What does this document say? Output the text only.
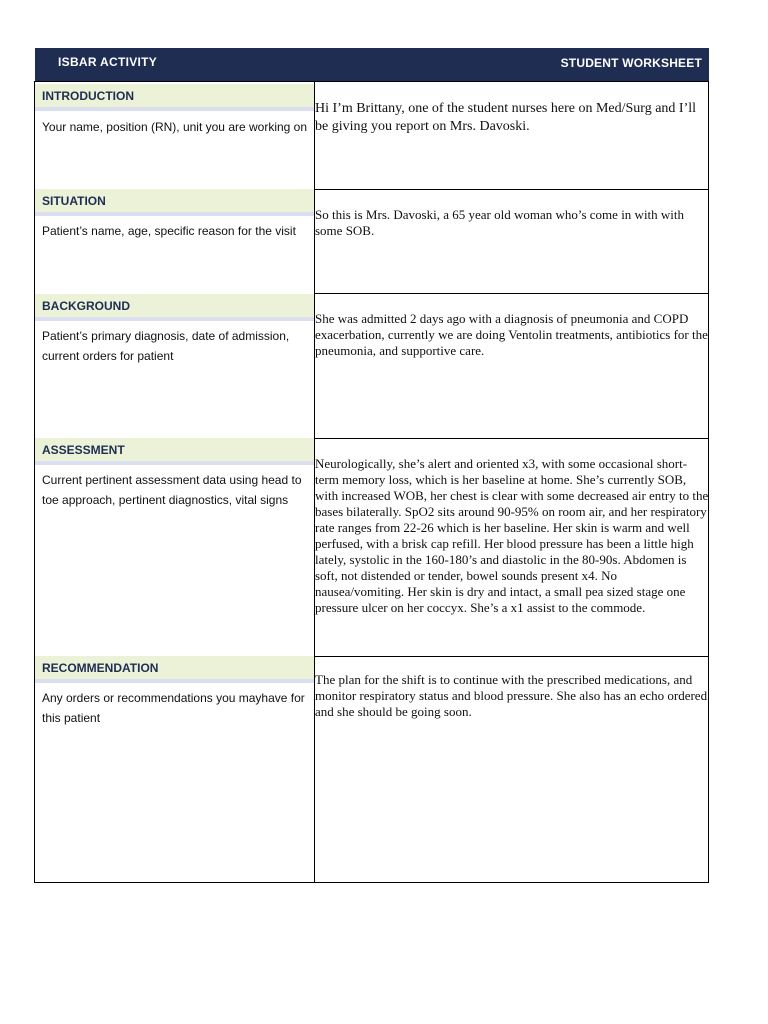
ISBAR ACTIVITY	STUDENT WORKSHEET
INTRODUCTION
Your name, position (RN), unit you are working on
Hi I’m Brittany, one of the student nurses here on Med/Surg and I’ll be giving you report on Mrs. Davoski.
SITUATION
Patient’s name, age, specific reason for the visit
So this is Mrs. Davoski, a 65 year old woman who’s come in with with some SOB.
BACKGROUND
Patient’s primary diagnosis, date of admission, current orders for patient
She was admitted 2 days ago with a diagnosis of pneumonia and COPD exacerbation, currently we are doing Ventolin treatments, antibiotics for the pneumonia, and supportive care.
ASSESSMENT
Current pertinent assessment data using head to toe approach, pertinent diagnostics, vital signs
Neurologically, she’s alert and oriented x3, with some occasional short-term memory loss, which is her baseline at home. She’s currently SOB, with increased WOB, her chest is clear with some decreased air entry to the bases bilaterally. SpO2 sits around 90-95% on room air, and her respiratory rate ranges from 22-26 which is her baseline. Her skin is warm and well perfused, with a brisk cap refill. Her blood pressure has been a little high lately, systolic in the 160-180’s and diastolic in the 80-90s. Abdomen is soft, not distended or tender, bowel sounds present x4. No nausea/vomiting. Her skin is dry and intact, a small pea sized stage one pressure ulcer on her coccyx. She’s a x1 assist to the commode.
RECOMMENDATION
Any orders or recommendations you mayhave for this patient
The plan for the shift is to continue with the prescribed medications, and monitor respiratory status and blood pressure. She also has an echo ordered and she should be going soon.
